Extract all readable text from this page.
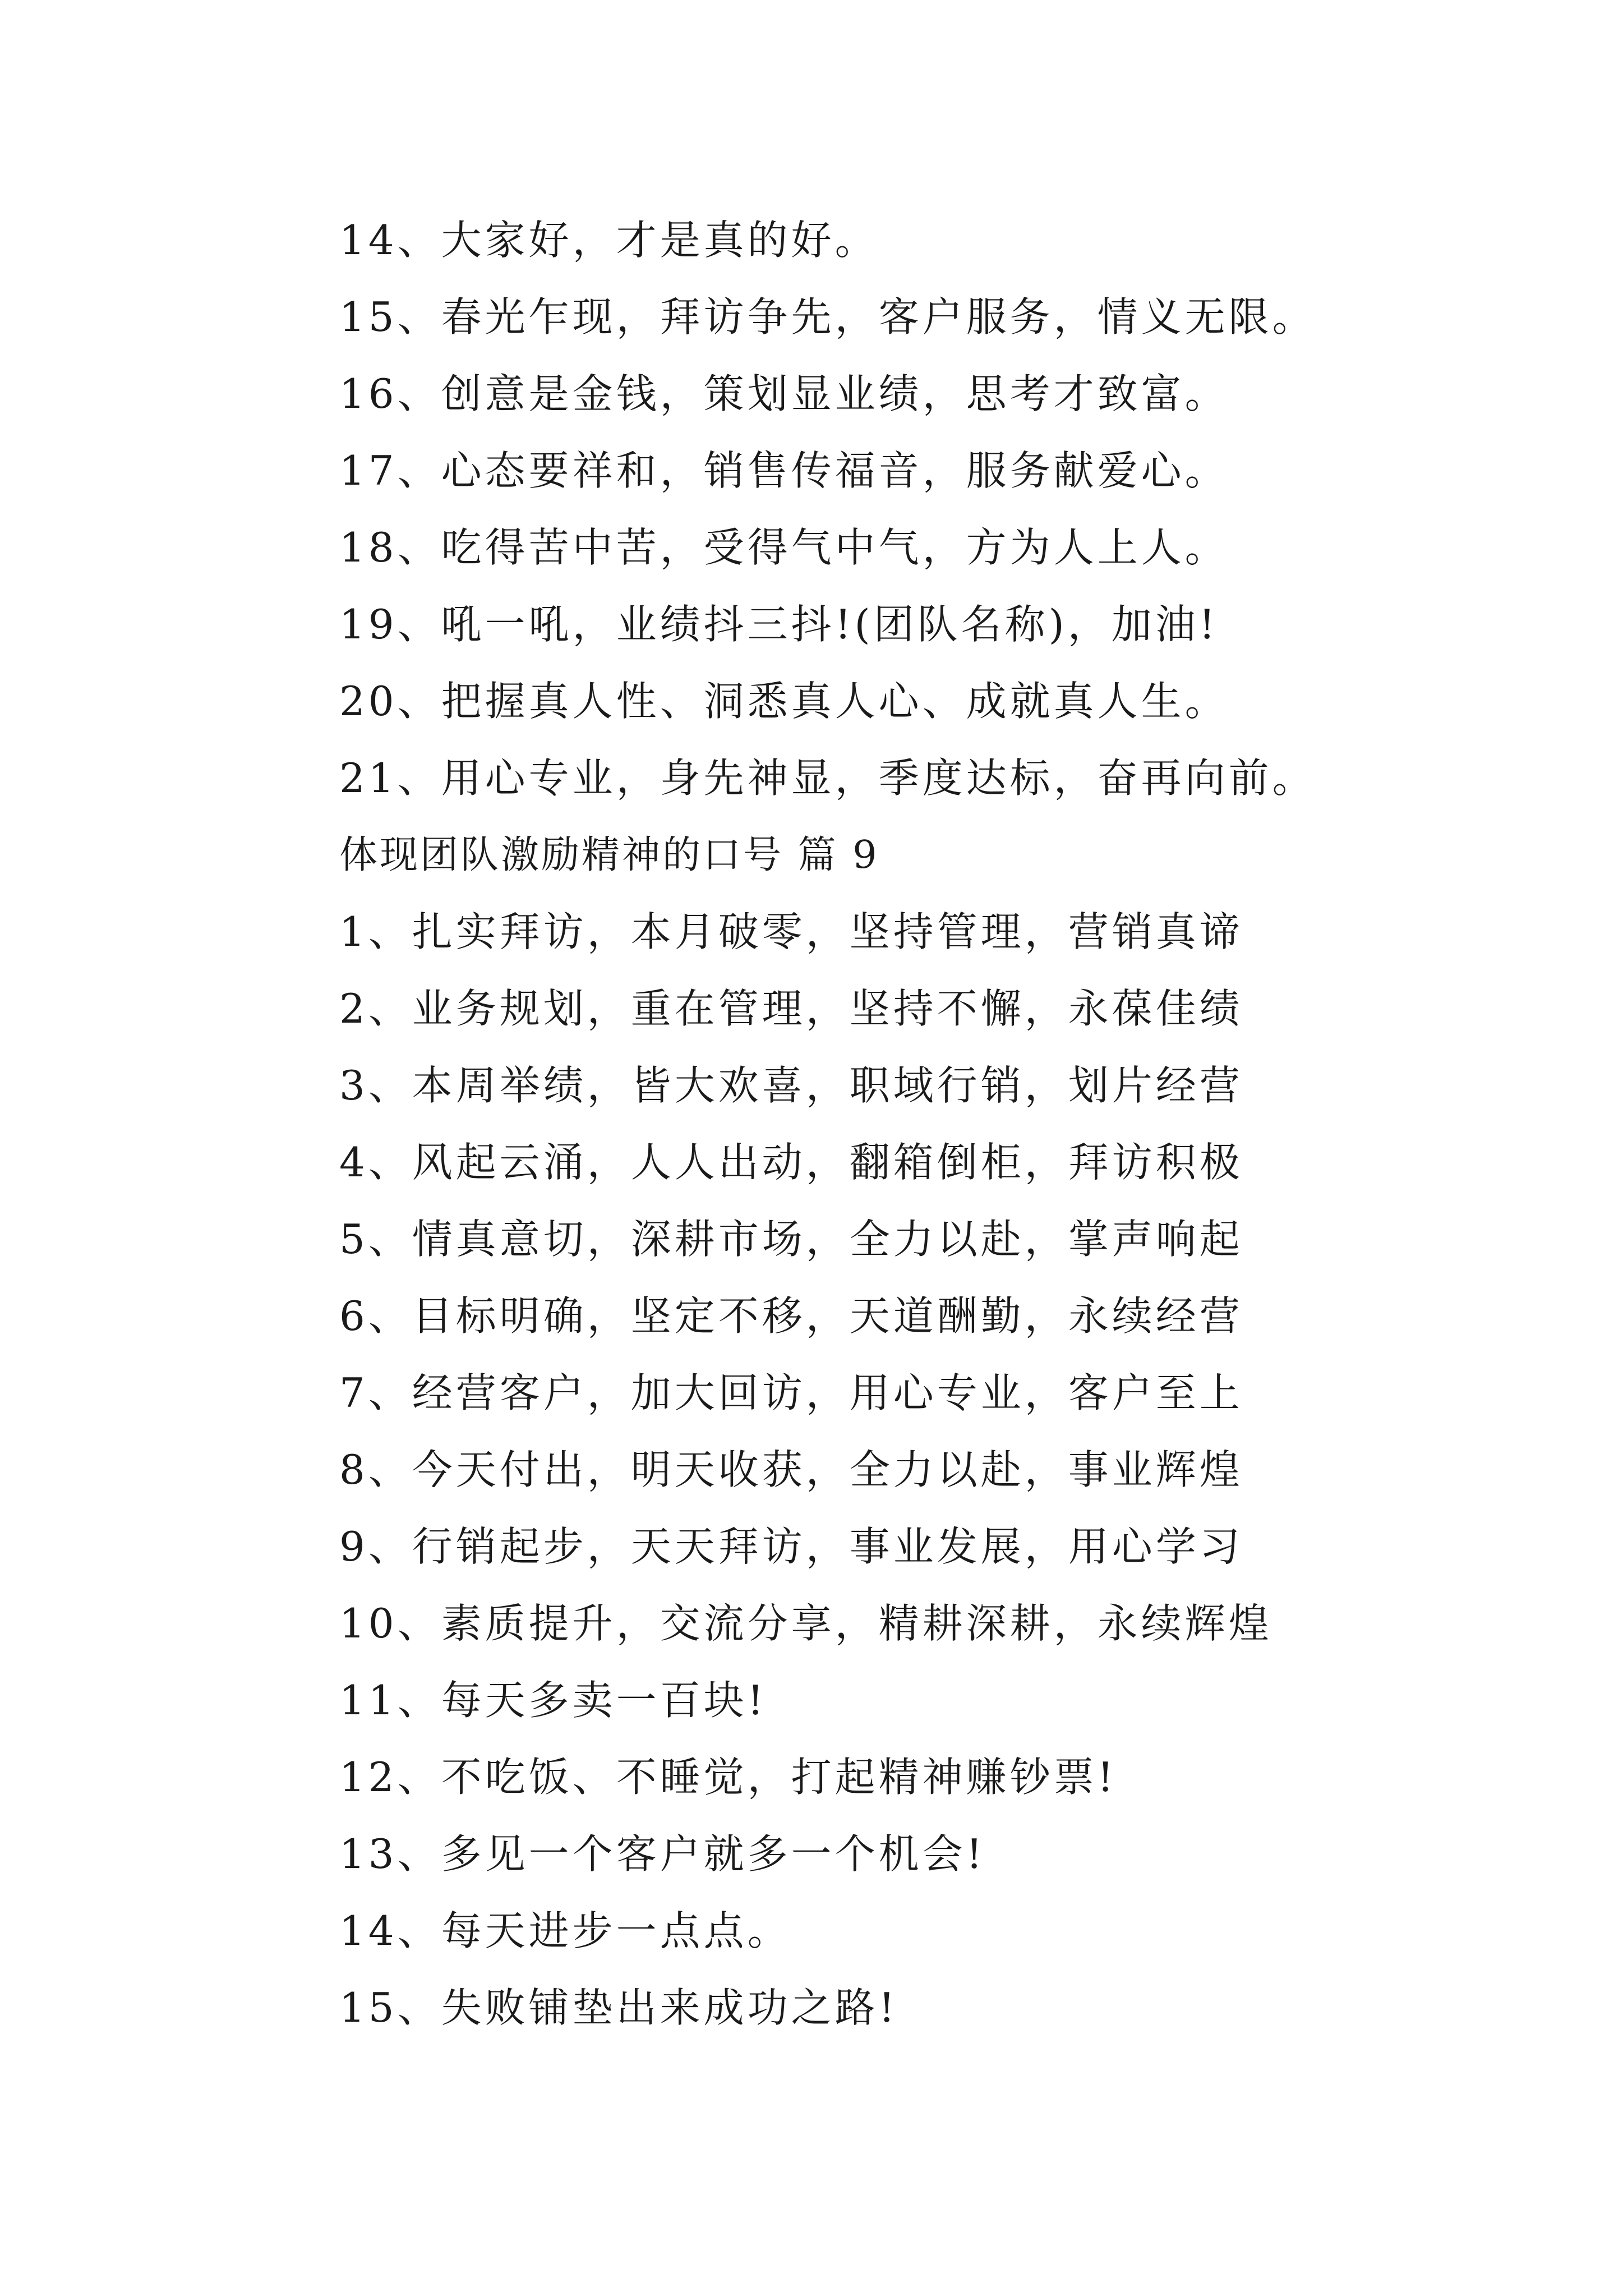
14、大家好，才是真的好。
15、春光乍现，拜访争先，客户服务，情义无限。
16、创意是金钱，策划显业绩，思考才致富。
17、心态要祥和，销售传福音，服务献爱心。
18、吃得苦中苦，受得气中气，方为人上人。
19、吼一吼，业绩抖三抖!(团队名称)，加油!
20、把握真人性、洞悉真人心、成就真人生。
21、用心专业，身先神显，季度达标，奋再向前。
体现团队激励精神的口号 篇 9
1、扎实拜访，本月破零，坚持管理，营销真谛
2、业务规划，重在管理，坚持不懈，永葆佳绩
3、本周举绩，皆大欢喜，职域行销，划片经营
4、风起云涌，人人出动，翻箱倒柜，拜访积极
5、情真意切，深耕市场，全力以赴，掌声响起
6、目标明确，坚定不移，天道酬勤，永续经营
7、经营客户，加大回访，用心专业，客户至上
8、今天付出，明天收获，全力以赴，事业辉煌
9、行销起步，天天拜访，事业发展，用心学习
10、素质提升，交流分享，精耕深耕，永续辉煌
11、每天多卖一百块!
12、不吃饭、不睡觉，打起精神赚钞票!
13、多见一个客户就多一个机会!
14、每天进步一点点。
15、失败铺垫出来成功之路!
